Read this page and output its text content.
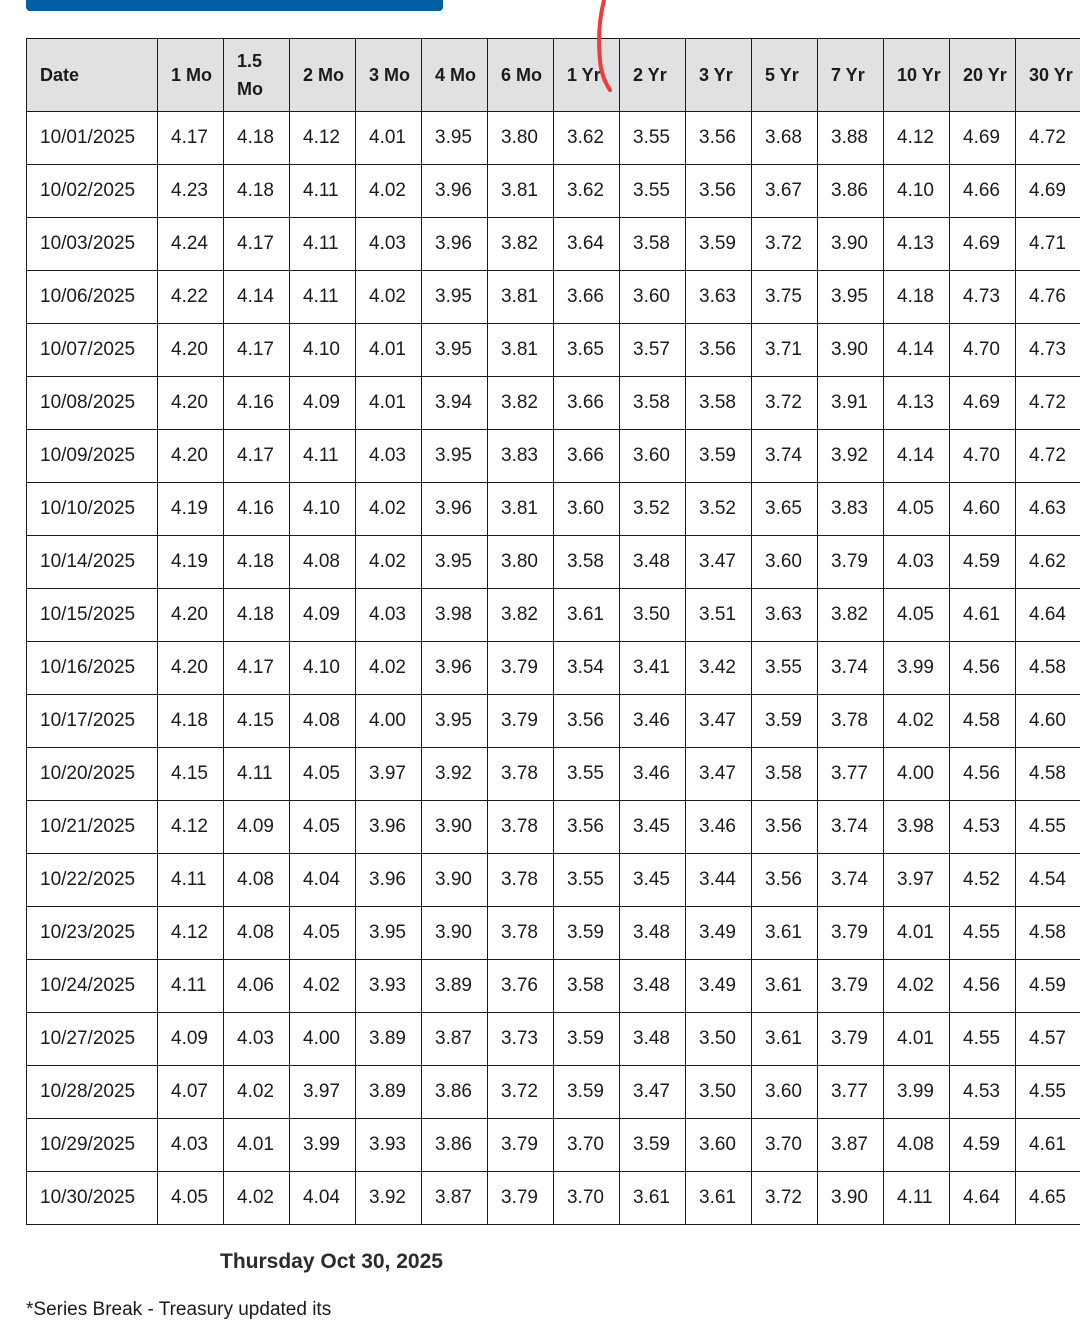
Date	1 Mo	1.5 Mo	2 Mo	3 Mo	4 Mo	6 Mo	1 Yr	2 Yr	3 Yr	5 Yr	7 Yr	10 Yr	20 Yr	30 Yr
10/01/2025	4.17	4.18	4.12	4.01	3.95	3.80	3.62	3.55	3.56	3.68	3.88	4.12	4.69	4.72
10/02/2025	4.23	4.18	4.11	4.02	3.96	3.81	3.62	3.55	3.56	3.67	3.86	4.10	4.66	4.69
10/03/2025	4.24	4.17	4.11	4.03	3.96	3.82	3.64	3.58	3.59	3.72	3.90	4.13	4.69	4.71
10/06/2025	4.22	4.14	4.11	4.02	3.95	3.81	3.66	3.60	3.63	3.75	3.95	4.18	4.73	4.76
10/07/2025	4.20	4.17	4.10	4.01	3.95	3.81	3.65	3.57	3.56	3.71	3.90	4.14	4.70	4.73
10/08/2025	4.20	4.16	4.09	4.01	3.94	3.82	3.66	3.58	3.58	3.72	3.91	4.13	4.69	4.72
10/09/2025	4.20	4.17	4.11	4.03	3.95	3.83	3.66	3.60	3.59	3.74	3.92	4.14	4.70	4.72
10/10/2025	4.19	4.16	4.10	4.02	3.96	3.81	3.60	3.52	3.52	3.65	3.83	4.05	4.60	4.63
10/14/2025	4.19	4.18	4.08	4.02	3.95	3.80	3.58	3.48	3.47	3.60	3.79	4.03	4.59	4.62
10/15/2025	4.20	4.18	4.09	4.03	3.98	3.82	3.61	3.50	3.51	3.63	3.82	4.05	4.61	4.64
10/16/2025	4.20	4.17	4.10	4.02	3.96	3.79	3.54	3.41	3.42	3.55	3.74	3.99	4.56	4.58
10/17/2025	4.18	4.15	4.08	4.00	3.95	3.79	3.56	3.46	3.47	3.59	3.78	4.02	4.58	4.60
10/20/2025	4.15	4.11	4.05	3.97	3.92	3.78	3.55	3.46	3.47	3.58	3.77	4.00	4.56	4.58
10/21/2025	4.12	4.09	4.05	3.96	3.90	3.78	3.56	3.45	3.46	3.56	3.74	3.98	4.53	4.55
10/22/2025	4.11	4.08	4.04	3.96	3.90	3.78	3.55	3.45	3.44	3.56	3.74	3.97	4.52	4.54
10/23/2025	4.12	4.08	4.05	3.95	3.90	3.78	3.59	3.48	3.49	3.61	3.79	4.01	4.55	4.58
10/24/2025	4.11	4.06	4.02	3.93	3.89	3.76	3.58	3.48	3.49	3.61	3.79	4.02	4.56	4.59
10/27/2025	4.09	4.03	4.00	3.89	3.87	3.73	3.59	3.48	3.50	3.61	3.79	4.01	4.55	4.57
10/28/2025	4.07	4.02	3.97	3.89	3.86	3.72	3.59	3.47	3.50	3.60	3.77	3.99	4.53	4.55
10/29/2025	4.03	4.01	3.99	3.93	3.86	3.79	3.70	3.59	3.60	3.70	3.87	4.08	4.59	4.61
10/30/2025	4.05	4.02	4.04	3.92	3.87	3.79	3.70	3.61	3.61	3.72	3.90	4.11	4.64	4.65
Thursday Oct 30, 2025
*Series Break - Treasury updated its
